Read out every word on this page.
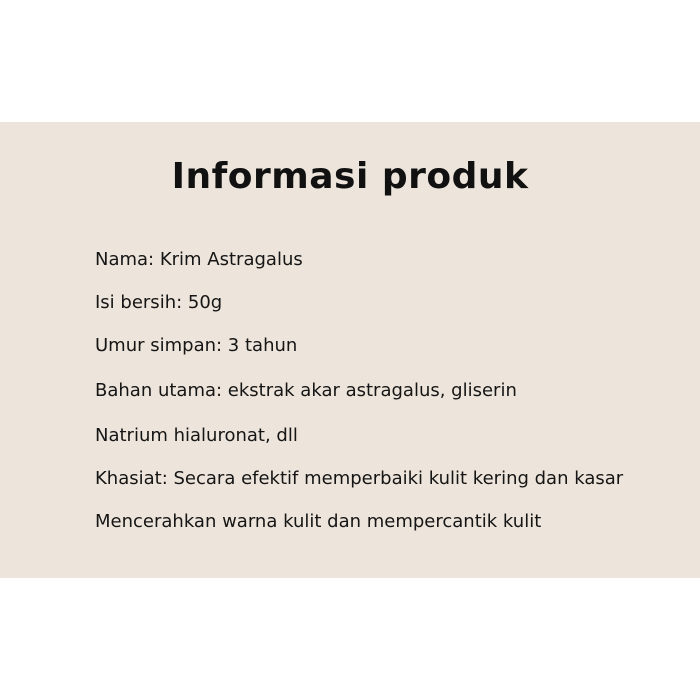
Informasi produk
Nama: Krim Astragalus
Isi bersih: 50g
Umur simpan: 3 tahun
Bahan utama: ekstrak akar astragalus, gliserin
Natrium hialuronat, dll
Khasiat: Secara efektif memperbaiki kulit kering dan kasar
Mencerahkan warna kulit dan mempercantik kulit
